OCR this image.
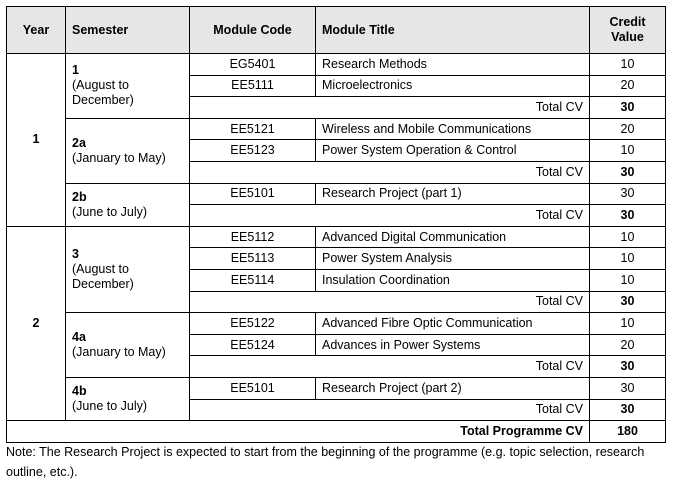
Year	Semester	Module Code	Module Title	Credit Value
1	1
(August to December)	EG5401	Research Methods	10
		EE5111	Microelectronics	20
		Total CV		30

	2a
(January to May)	EE5121	Wireless and Mobile Communications	20
		EE5123	Power System Operation & Control	10
		Total CV		30

	2b
(June to July)	EE5101	Research Project (part 1)	30
		Total CV		30
2	3
(August to December)	EE5112	Advanced Digital Communication	10
		EE5113	Power System Analysis	10
		EE5114	Insulation Coordination	10
		Total CV		30

	4a
(January to May)	EE5122	Advanced Fibre Optic Communication	10
		EE5124	Advances in Power Systems	20
		Total CV		30

	4b
(June to July)	EE5101	Research Project (part 2)	30
		Total CV		30
Total Programme CV				180
Note: The Research Project is expected to start from the beginning of the programme (e.g. topic selection, research outline, etc.).
